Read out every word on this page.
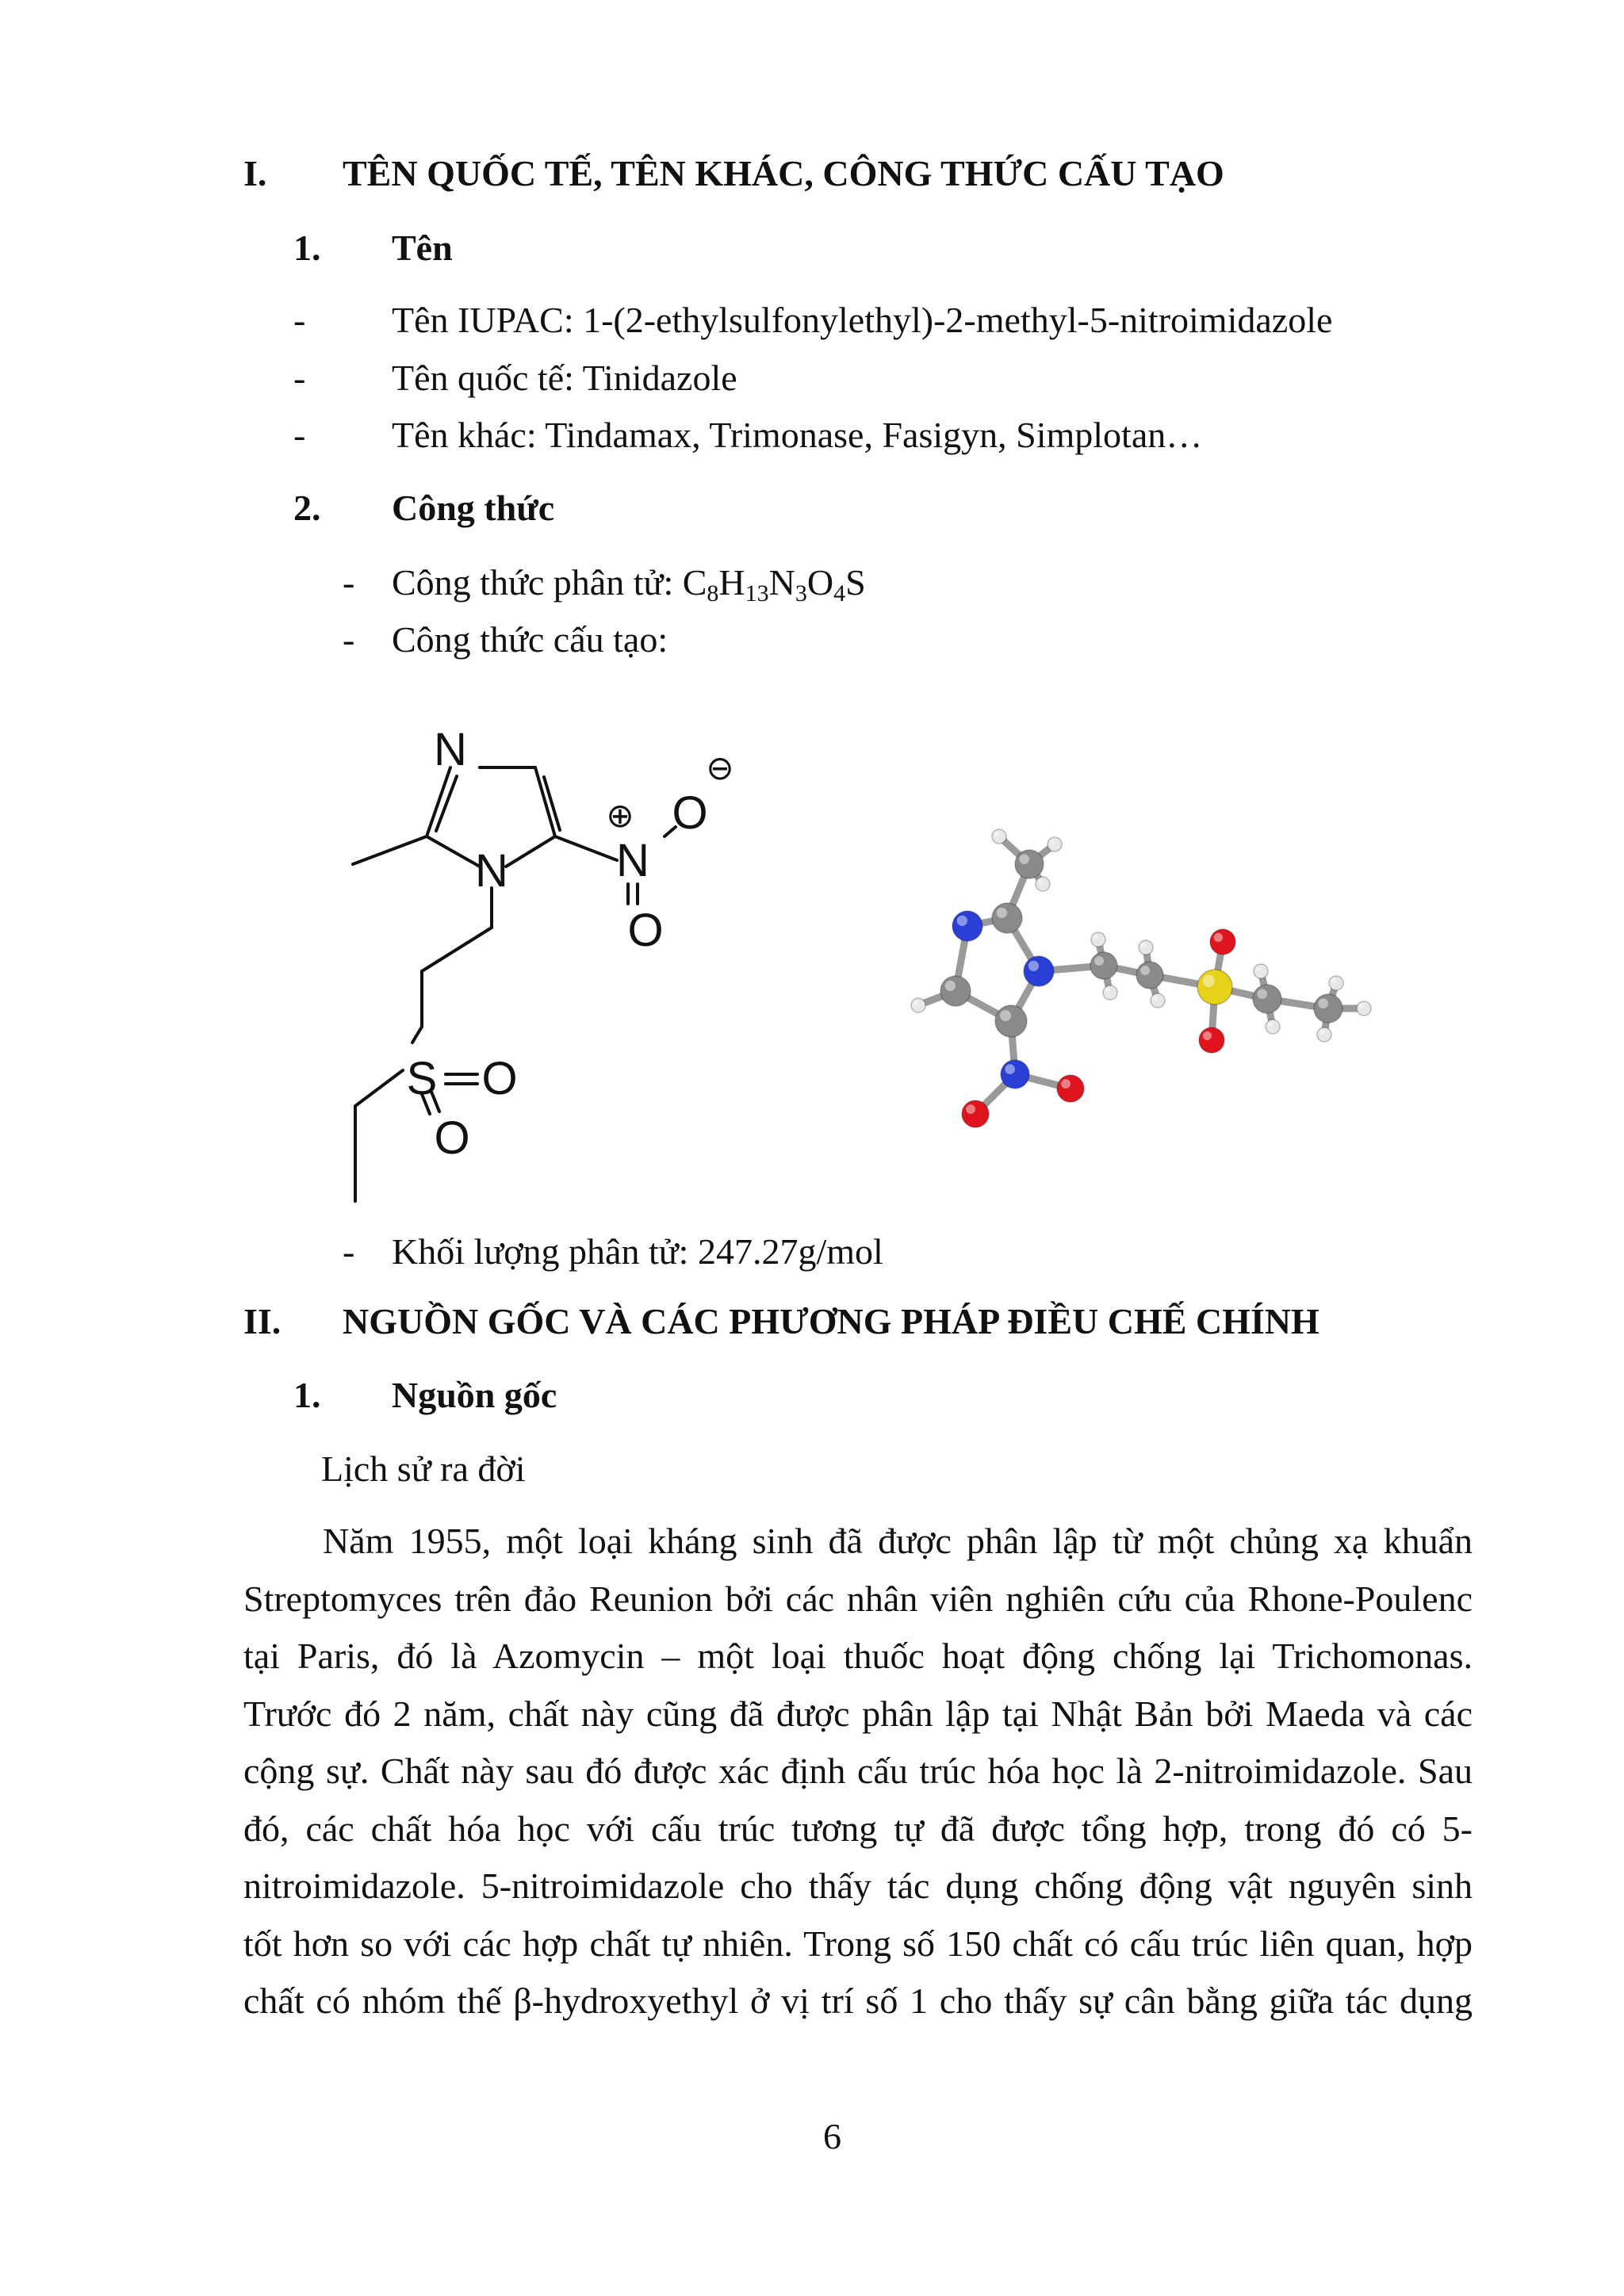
I. TÊN QUỐC TẾ, TÊN KHÁC, CÔNG THỨC CẤU TẠO
1. Tên
- Tên IUPAC: 1-(2-ethylsulfonylethyl)-2-methyl-5-nitroimidazole
- Tên quốc tế: Tinidazole
- Tên khác: Tindamax, Trimonase, Fasigyn, Simplotan…
2. Công thức
- Công thức phân tử: $C_8H_{13}N_3O_4S$
- Công thức cấu tạo:
N
N N
O
O
S O
O
⊕
⊖
- Khối lượng phân tử: 247.27g/mol
II. NGUỒN GỐC VÀ CÁC PHƯƠNG PHÁP ĐIỀU CHẾ CHÍNH
1. Nguồn gốc
Lịch sử ra đời
Năm 1955, một loại kháng sinh đã được phân lập từ một chủng xạ khuẩn
Streptomyces trên đảo Reunion bởi các nhân viên nghiên cứu của Rhone-Poulenc
tại Paris, đó là Azomycin – một loại thuốc hoạt động chống lại Trichomonas.
Trước đó 2 năm, chất này cũng đã được phân lập tại Nhật Bản bởi Maeda và các
cộng sự. Chất này sau đó được xác định cấu trúc hóa học là 2-nitroimidazole. Sau
đó, các chất hóa học với cấu trúc tương tự đã được tổng hợp, trong đó có 5-
nitroimidazole. 5-nitroimidazole cho thấy tác dụng chống động vật nguyên sinh
tốt hơn so với các hợp chất tự nhiên. Trong số 150 chất có cấu trúc liên quan, hợp
chất có nhóm thế β-hydroxyethyl ở vị trí số 1 cho thấy sự cân bằng giữa tác dụng
6
